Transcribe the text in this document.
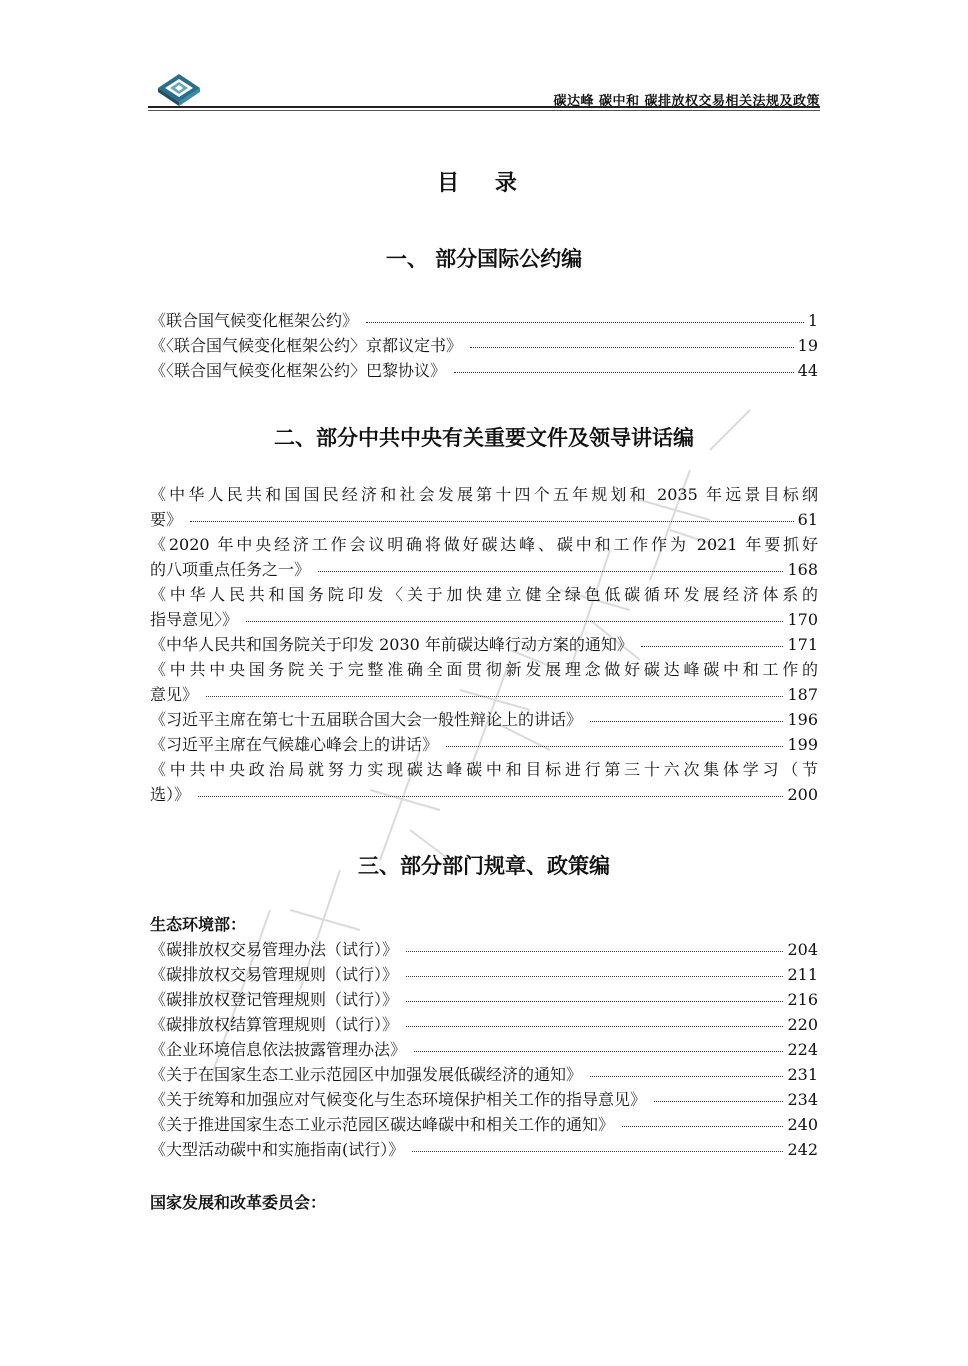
碳达峰 碳中和 碳排放权交易相关法规及政策
目 录
一、 部分国际公约编
《联合国气候变化框架公约》	1
《〈联合国气候变化框架公约〉京都议定书》	19
《〈联合国气候变化框架公约〉巴黎协议》	44
二、部分中共中央有关重要文件及领导讲话编
《中华人民共和国国民经济和社会发展第十四个五年规划和 2035 年远景目标纲
要》	61
《2020 年中央经济工作会议明确将做好碳达峰、碳中和工作作为 2021 年要抓好
的八项重点任务之一》	168
《中华人民共和国务院印发〈关于加快建立健全绿色低碳循环发展经济体系的
指导意见〉》	170
《中华人民共和国务院关于印发 2030 年前碳达峰行动方案的通知》	171
《中共中央国务院关于完整准确全面贯彻新发展理念做好碳达峰碳中和工作的
意见》	187
《习近平主席在第七十五届联合国大会一般性辩论上的讲话》	196
《习近平主席在气候雄心峰会上的讲话》	199
《中共中央政治局就努力实现碳达峰碳中和目标进行第三十六次集体学习（节
选）》	200
三、部分部门规章、政策编
生态环境部：
《碳排放权交易管理办法（试行）》	204
《碳排放权交易管理规则（试行）》	211
《碳排放权登记管理规则（试行）》	216
《碳排放权结算管理规则（试行）》	220
《企业环境信息依法披露管理办法》	224
《关于在国家生态工业示范园区中加强发展低碳经济的通知》	231
《关于统筹和加强应对气候变化与生态环境保护相关工作的指导意见》	234
《关于推进国家生态工业示范园区碳达峰碳中和相关工作的通知》	240
《大型活动碳中和实施指南(试行）》	242
国家发展和改革委员会：
